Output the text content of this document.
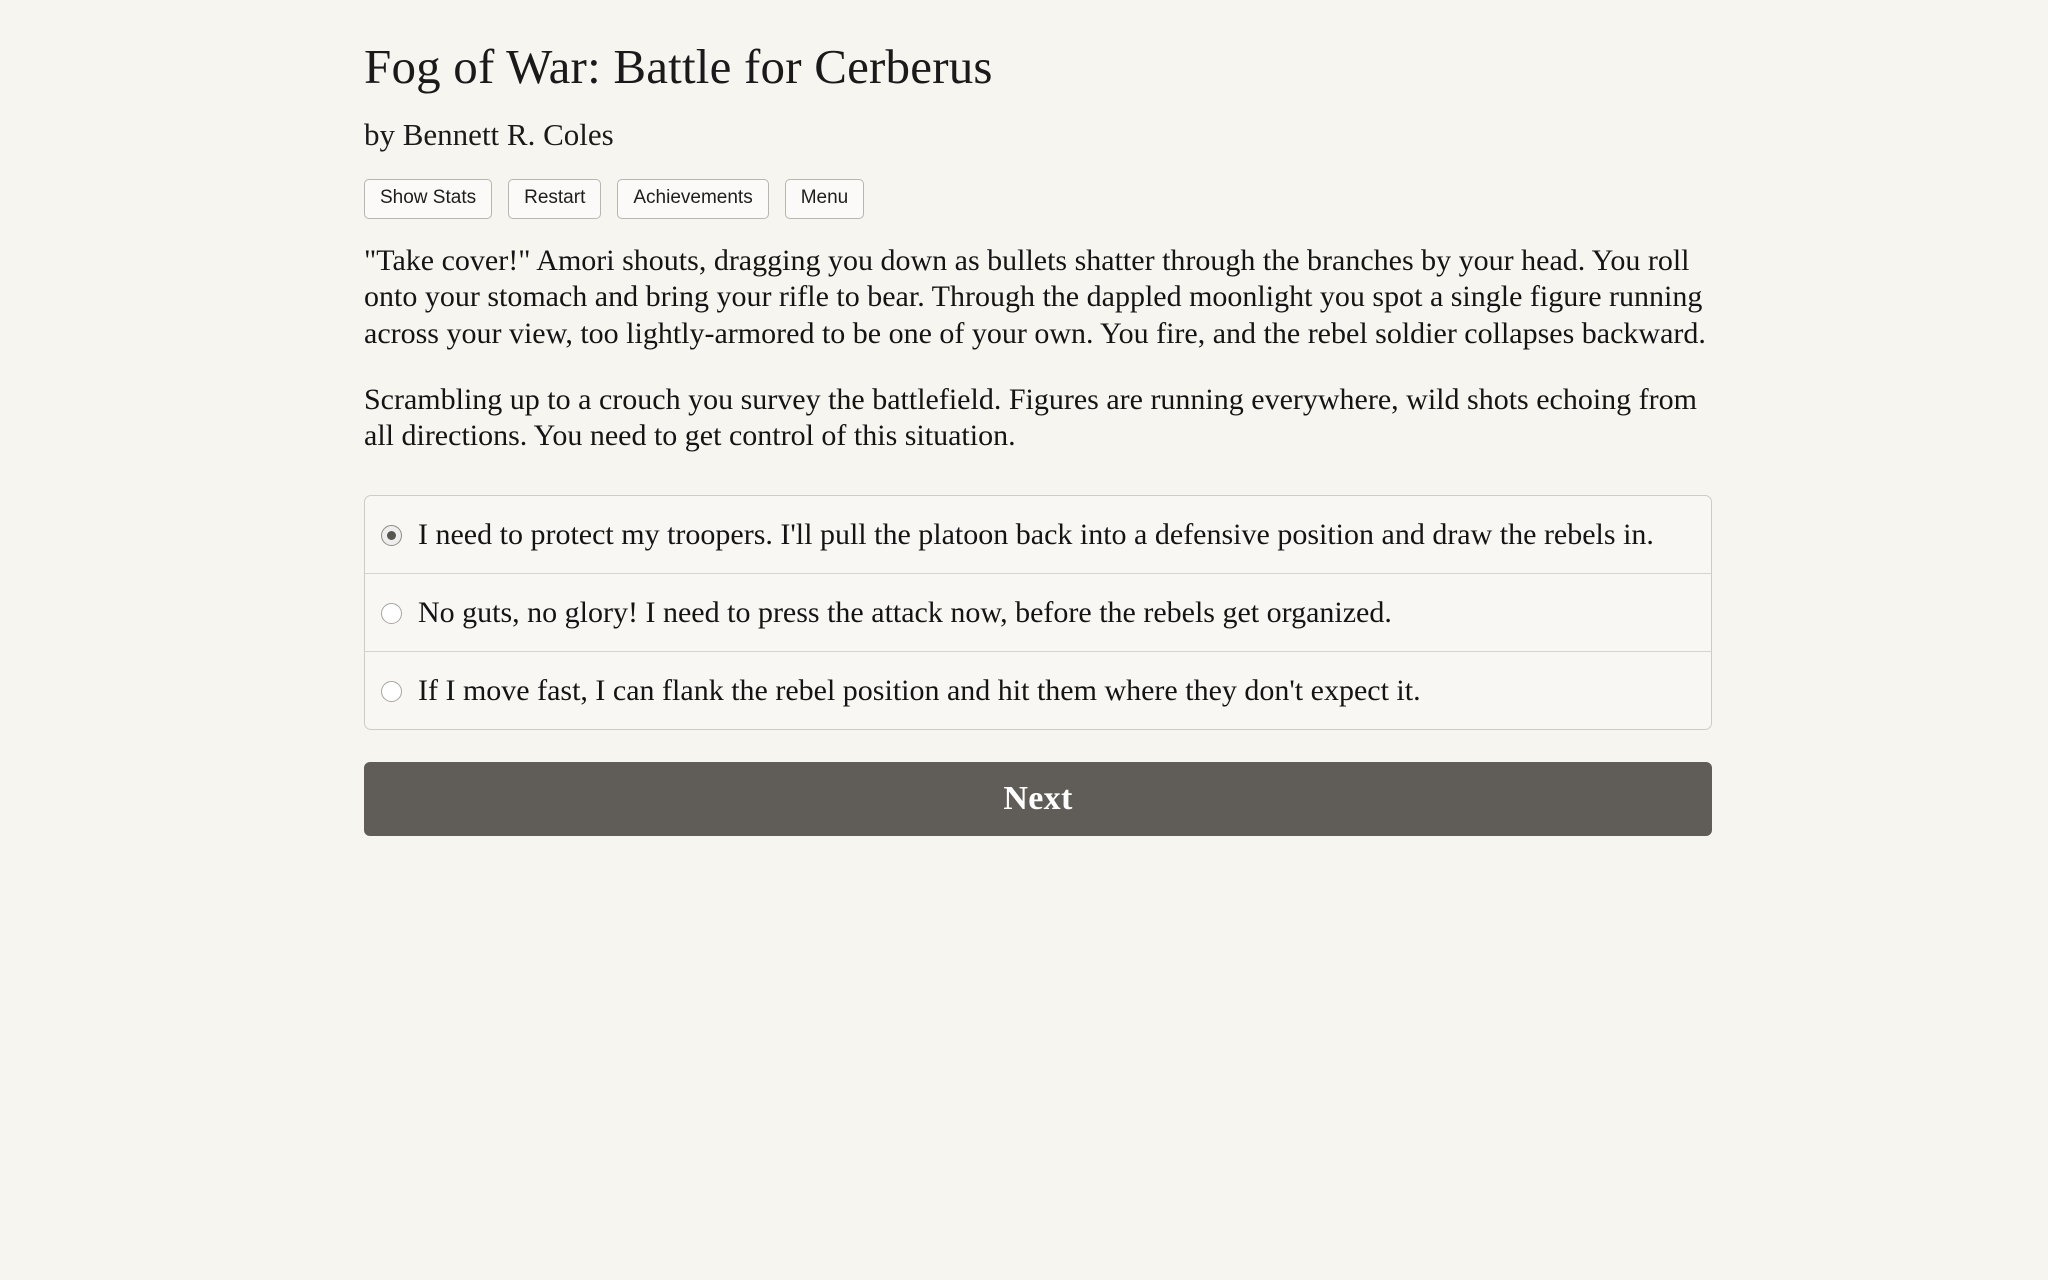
Fog of War: Battle for Cerberus
by Bennett R. Coles
Show Stats	Restart	Achievements	Menu

"Take cover!" Amori shouts, dragging you down as bullets shatter through the branches by your head. You roll onto your stomach and bring your rifle to bear. Through the dappled moonlight you spot a single figure running across your view, too lightly-armored to be one of your own. You fire, and the rebel soldier collapses backward.

Scrambling up to a crouch you survey the battlefield. Figures are running everywhere, wild shots echoing from all directions. You need to get control of this situation.

I need to protect my troopers. I'll pull the platoon back into a defensive position and draw the rebels in.
No guts, no glory! I need to press the attack now, before the rebels get organized.
If I move fast, I can flank the rebel position and hit them where they don't expect it.
Next
